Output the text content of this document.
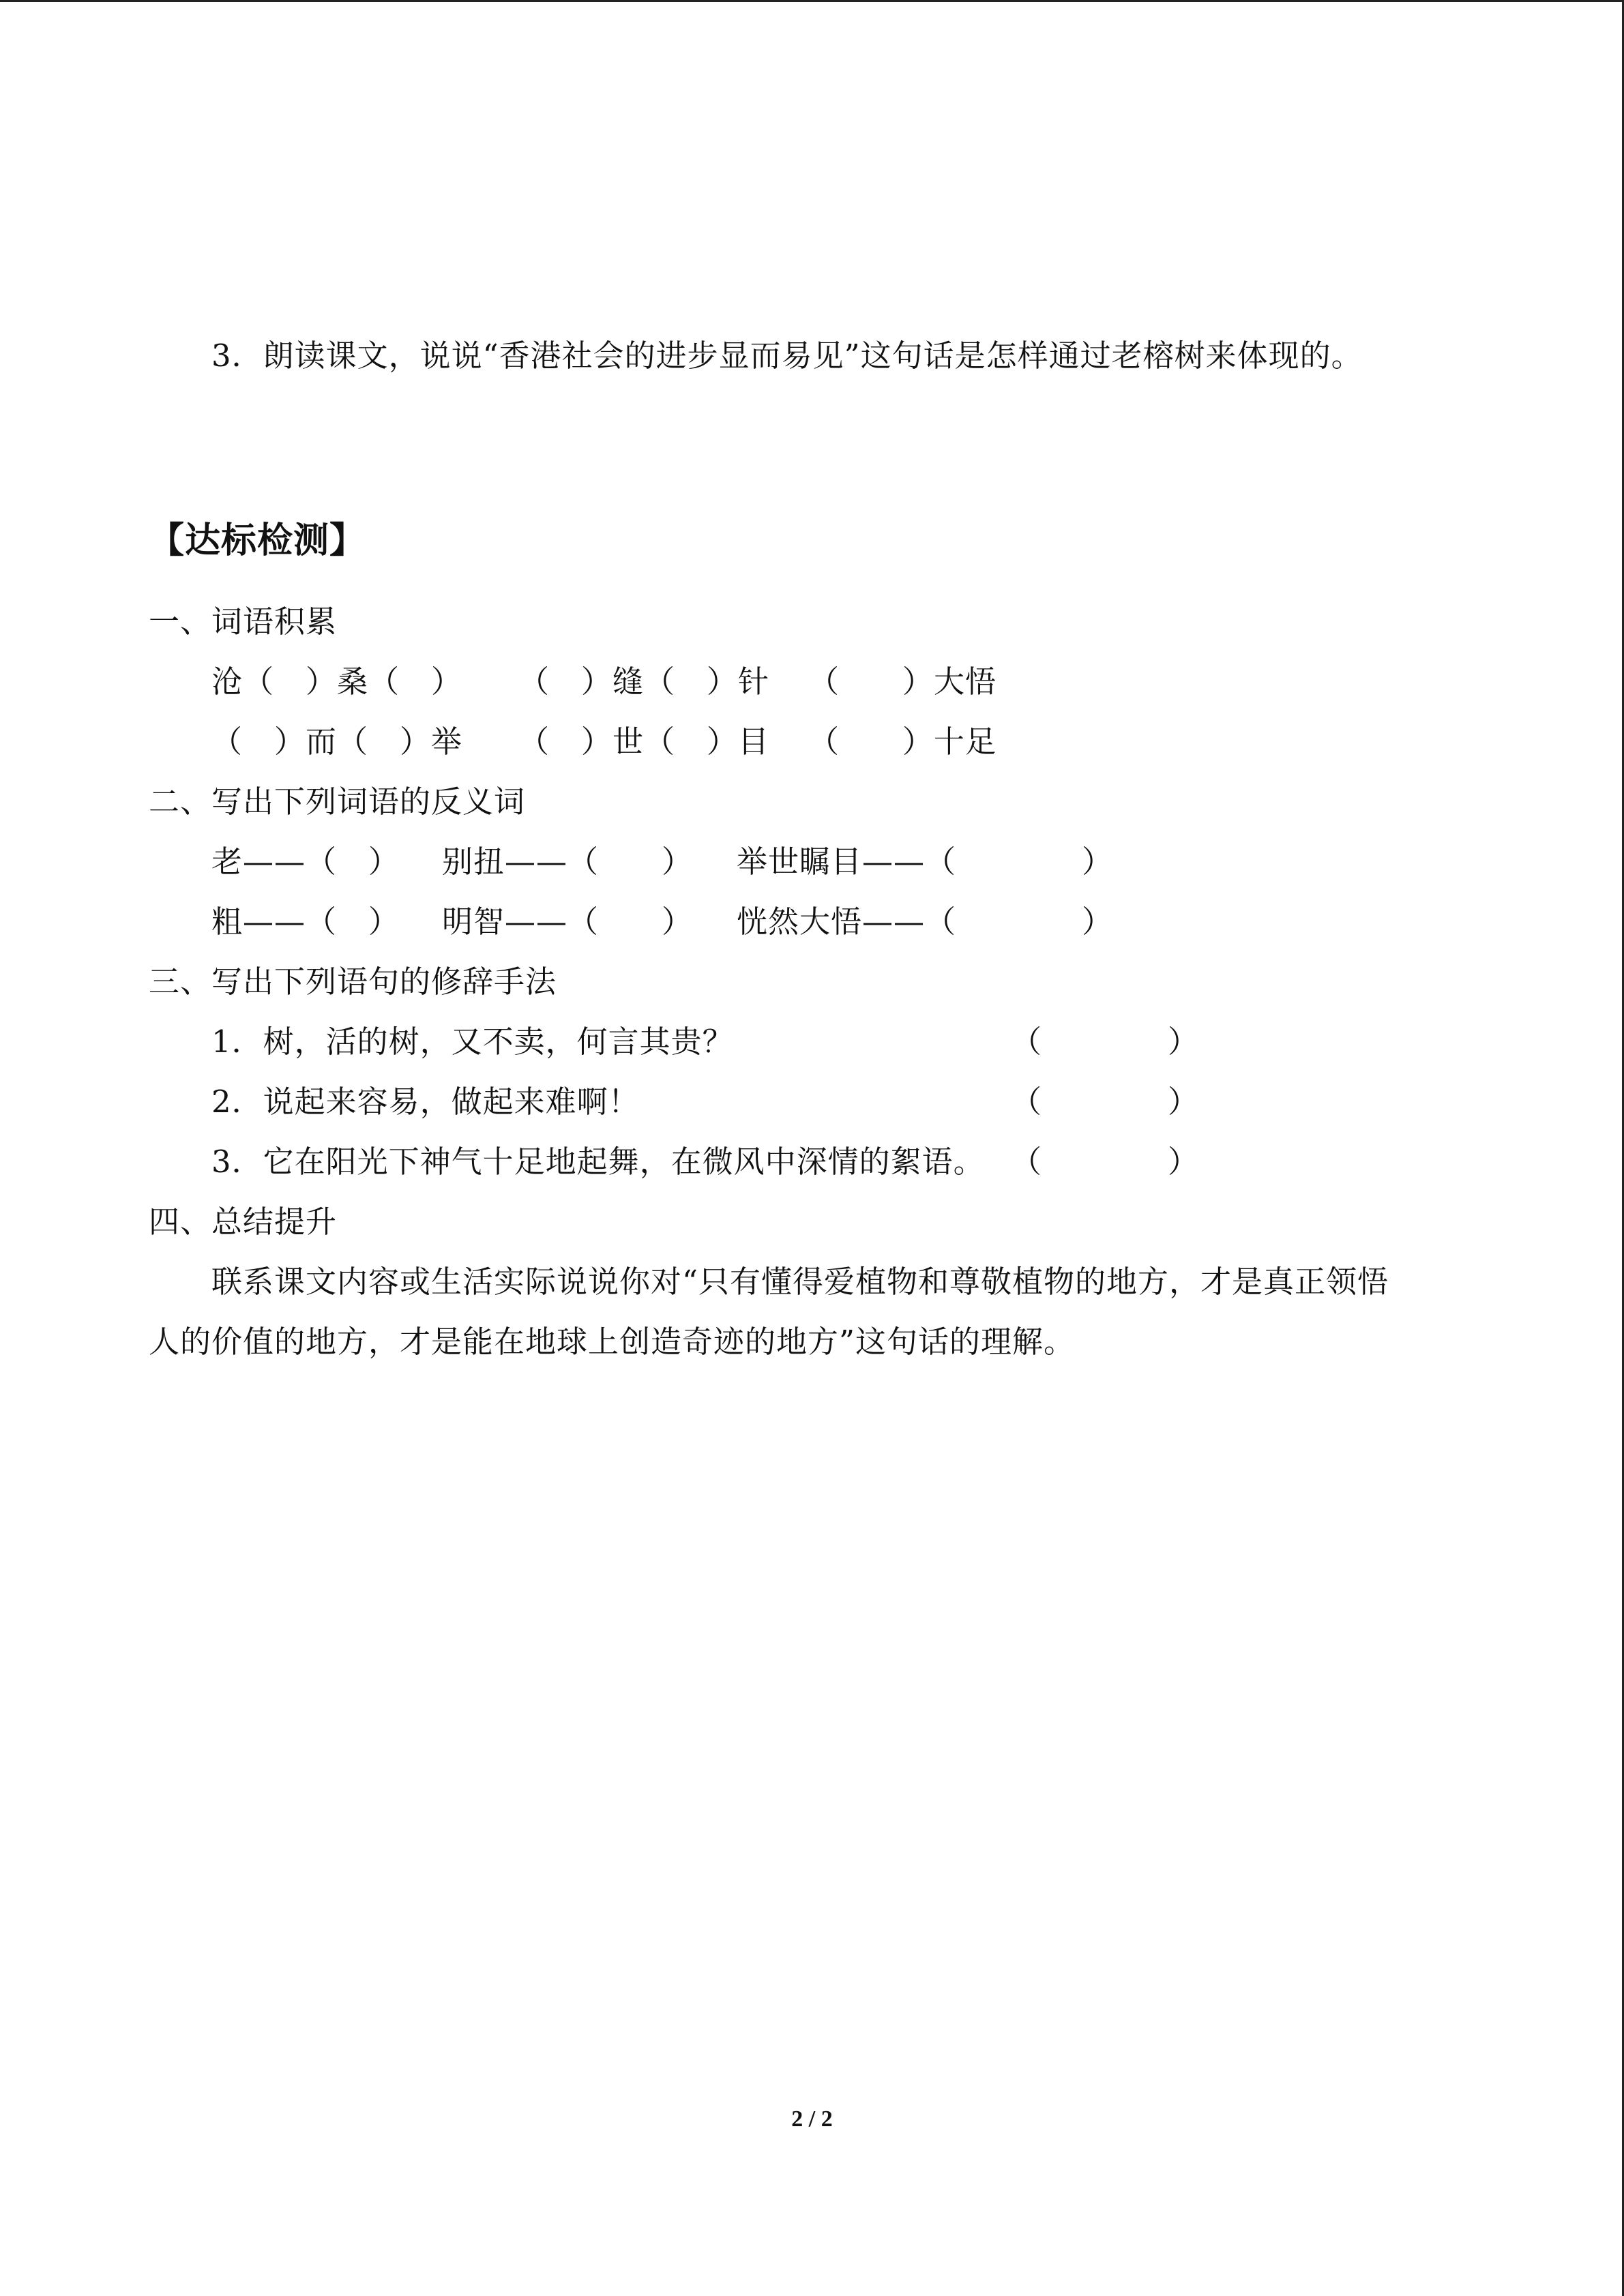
3．朗读课文，说说“香港社会的进步显而易见”这句话是怎样通过老榕树来体现的。
【达标检测】
一、词语积累
沧（　）桑（　） （　）缝（　）针 （　　）大悟
（　）而（　）举 （　）世（　）目 （　　）十足
二、写出下列词语的反义词
老——（　） 别扭——（　　） 举世瞩目——（　　　　）
粗——（　） 明智——（　　） 恍然大悟——（　　　　）
三、写出下列语句的修辞手法
1．树，活的树，又不卖，何言其贵？	（　　　　）
2．说起来容易，做起来难啊！	（　　　　）
3．它在阳光下神气十足地起舞，在微风中深情的絮语。 （　　　　）
四、总结提升
联系课文内容或生活实际说说你对“只有懂得爱植物和尊敬植物的地方，才是真正领悟
人的价值的地方，才是能在地球上创造奇迹的地方”这句话的理解。
2 / 2
